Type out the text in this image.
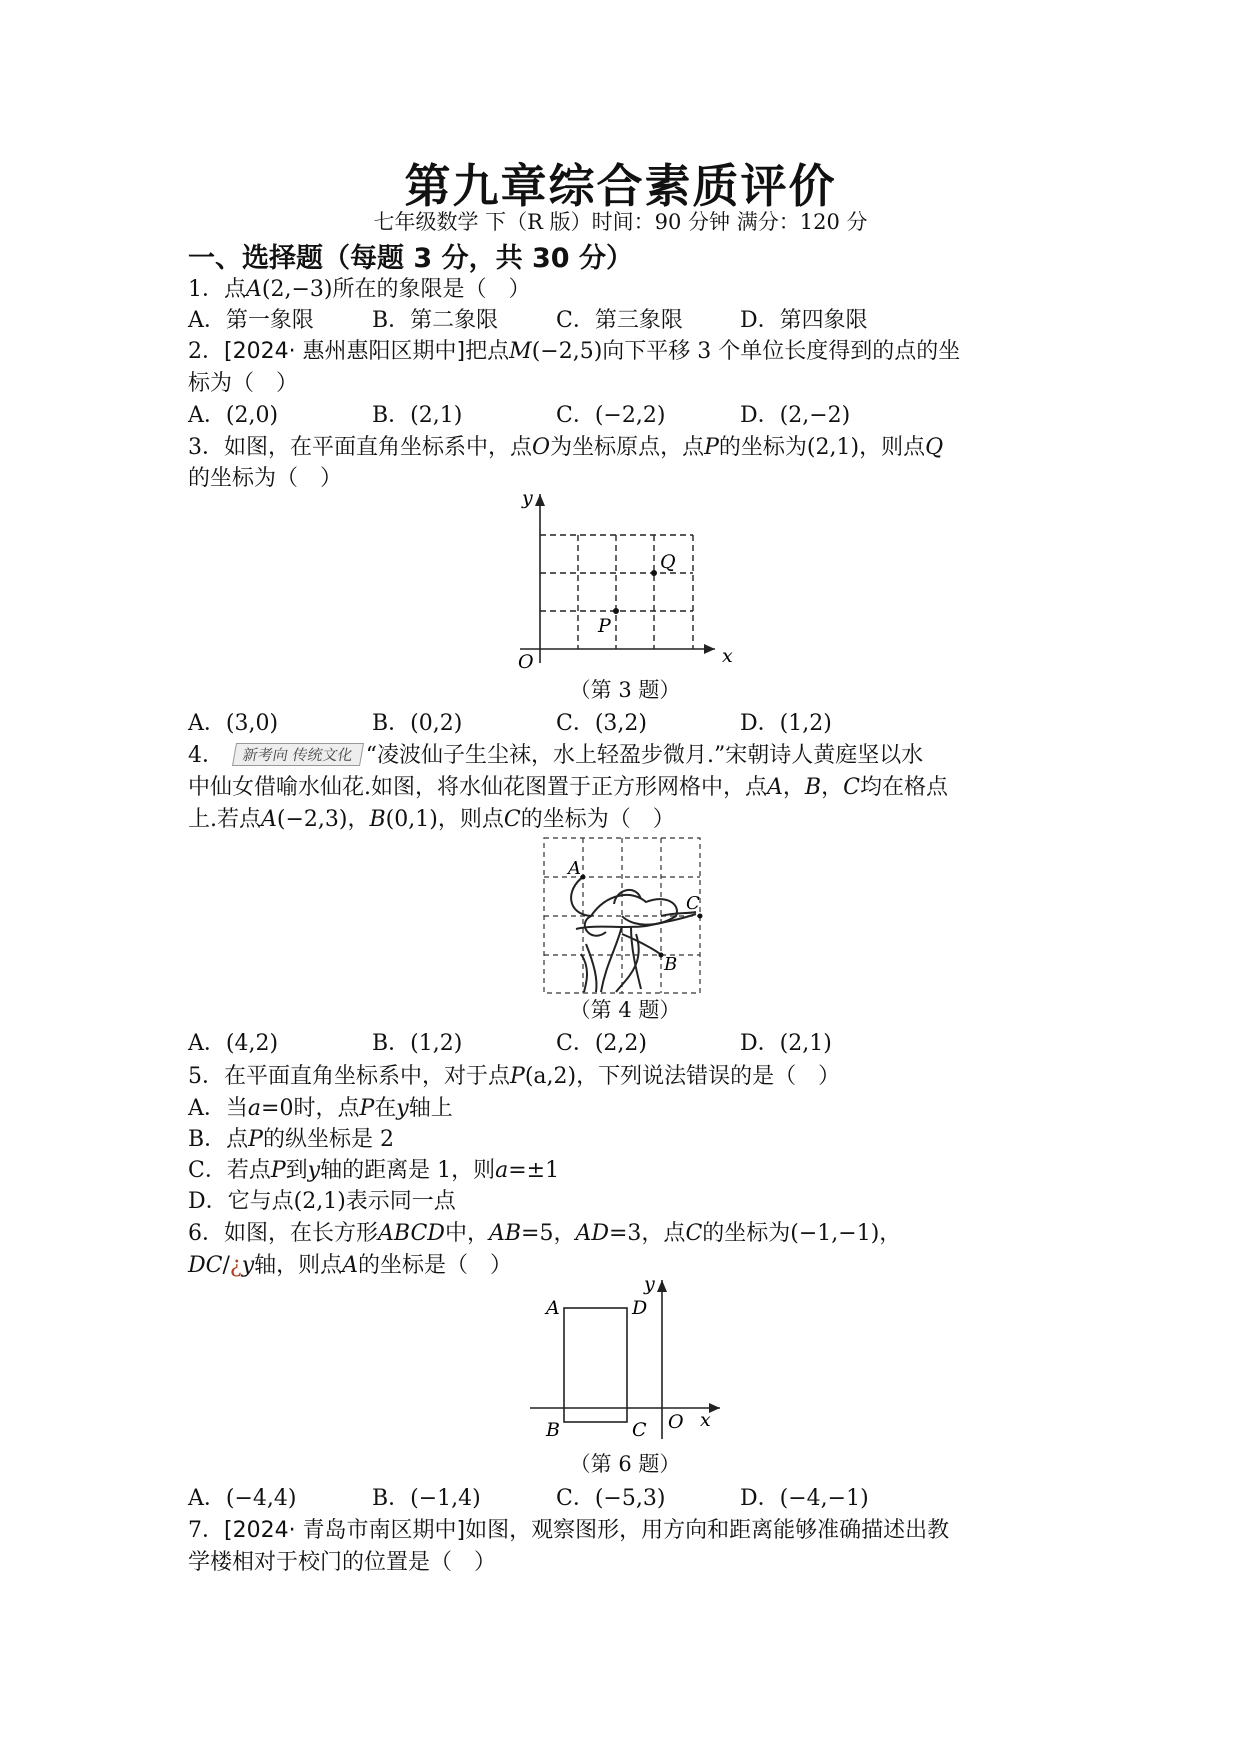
第九章综合素质评价
七年级数学 下（R 版）时间：90 分钟 满分：120 分
一、选择题（每题 3 分，共 30 分）
1．点A(2,−3)所在的象限是（　）
A．第一象限	B．第二象限	C．第三象限	D．第四象限
2．[2024· 惠州惠阳区期中]把点M(−2,5)向下平移 3 个单位长度得到的点的坐
标为（　）
A．(2,0)	B．(2,1)	C．(−2,2)	D．(2,−2)
3．如图，在平面直角坐标系中，点O为坐标原点，点P的坐标为(2,1)，则点Q
的坐标为（　）
x
y
O
P
Q
（第 3 题）
A．(3,0)	B．(0,2)	C．(3,2)	D．(1,2)
4． 新考向 传统文化 “凌波仙子生尘袜，水上轻盈步微月.”宋朝诗人黄庭坚以水
中仙女借喻水仙花.如图，将水仙花图置于正方形网格中，点A，B，C均在格点
上.若点A(−2,3)，B(0,1)，则点C的坐标为（　）
A
B
C
（第 4 题）
A．(4,2)	B．(1,2)	C．(2,2)	D．(2,1)
5．在平面直角坐标系中，对于点P(a,2)，下列说法错误的是（　）
A．当a=0时，点P在y轴上
B．点P的纵坐标是 2
C．若点P到y轴的距离是 1，则a=±1
D．它与点(2,1)表示同一点
6．如图，在长方形ABCD中，AB=5，AD=3，点C的坐标为(−1,−1)，
DC/¿y轴，则点A的坐标是（　）
A	D
B	C O x
y
（第 6 题）
A．(−4,4)	B．(−1,4)	C．(−5,3)	D．(−4,−1)
7．[2024· 青岛市南区期中]如图，观察图形，用方向和距离能够准确描述出教
学楼相对于校门的位置是（　）
